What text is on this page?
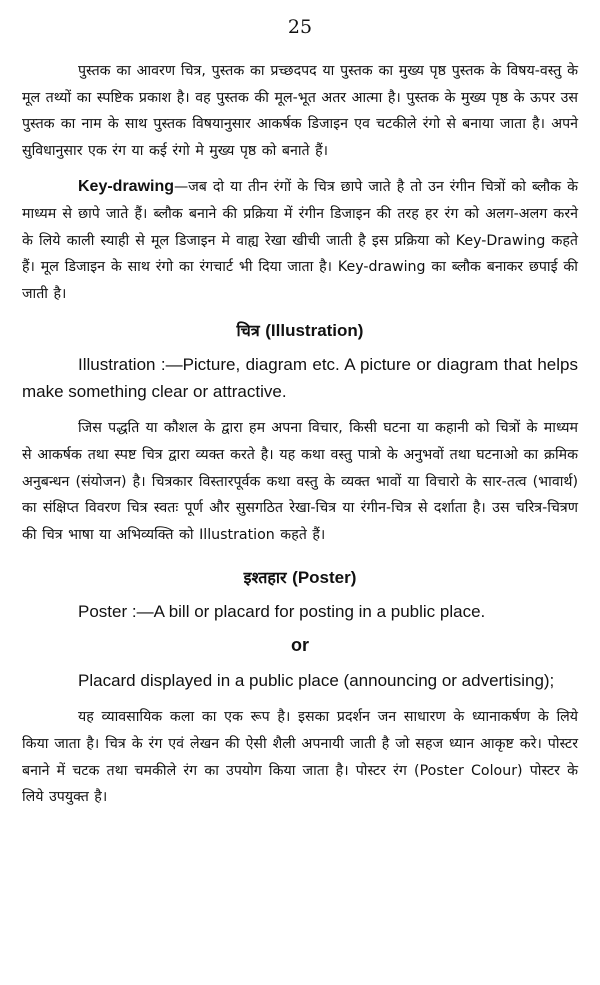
25

पुस्तक का आवरण चित्र, पुस्तक का प्रच्छदपद या पुस्तक का मुख्य पृष्ठ पुस्तक के विषय-वस्तु के मूल तथ्यों का स्पष्टिक प्रकाश है। वह पुस्तक की मूल-भूत अतर आत्मा है। पुस्तक के मुख्य पृष्ठ के ऊपर उस पुस्तक का नाम के साथ पुस्तक विषयानुसार आकर्षक डिजाइन एव चटकीले रंगो से बनाया जाता है। अपने सुविधानुसार एक रंग या कई रंगो मे मुख्य पृष्ठ को बनाते हैं।

Key-drawing—जब दो या तीन रंगों के चित्र छापे जाते है तो उन रंगीन चित्रों को ब्लौक के माध्यम से छापे जाते हैं। ब्लौक बनाने की प्रक्रिया में रंगीन डिजाइन की तरह हर रंग को अलग-अलग करने के लिये काली स्याही से मूल डिजाइन मे वाह्य रेखा खीची जाती है इस प्रक्रिया को Key-Drawing कहते हैं। मूल डिजाइन के साथ रंगो का रंगचार्ट भी दिया जाता है। Key-drawing का ब्लौक बनाकर छपाई की जाती है।

चित्र (Illustration)

Illustration :—Picture, diagram etc. A picture or diagram that helps make something clear or attractive.

जिस पद्धति या कौशल के द्वारा हम अपना विचार, किसी घटना या कहानी को चित्रों के माध्यम से आकर्षक तथा स्पष्ट चित्र द्वारा व्यक्त करते है। यह कथा वस्तु पात्रो के अनुभवों तथा घटनाओ का क्रमिक अनुबन्धन (संयोजन) है। चित्रकार विस्तारपूर्वक कथा वस्तु के व्यक्त भावों या विचारो के सार-तत्व (भावार्थ) का संक्षिप्त विवरण चित्र स्वतः पूर्ण और सुसगठित रेखा-चित्र या रंगीन-चित्र से दर्शाता है। उस चरित्र-चित्रण की चित्र भाषा या अभिव्यक्ति को Illustration कहते हैं।

इश्तहार (Poster)

Poster :—A bill or placard for posting in a public place.

or

Placard displayed in a public place (announcing or advertising);

यह व्यावसायिक कला का एक रूप है। इसका प्रदर्शन जन साधारण के ध्यानाकर्षण के लिये किया जाता है। चित्र के रंग एवं लेखन की ऐसी शैली अपनायी जाती है जो सहज ध्यान आकृष्ट करे। पोस्टर बनाने में चटक तथा चमकीले रंग का उपयोग किया जाता है। पोस्टर रंग (Poster Colour) पोस्टर के लिये उपयुक्त है।
